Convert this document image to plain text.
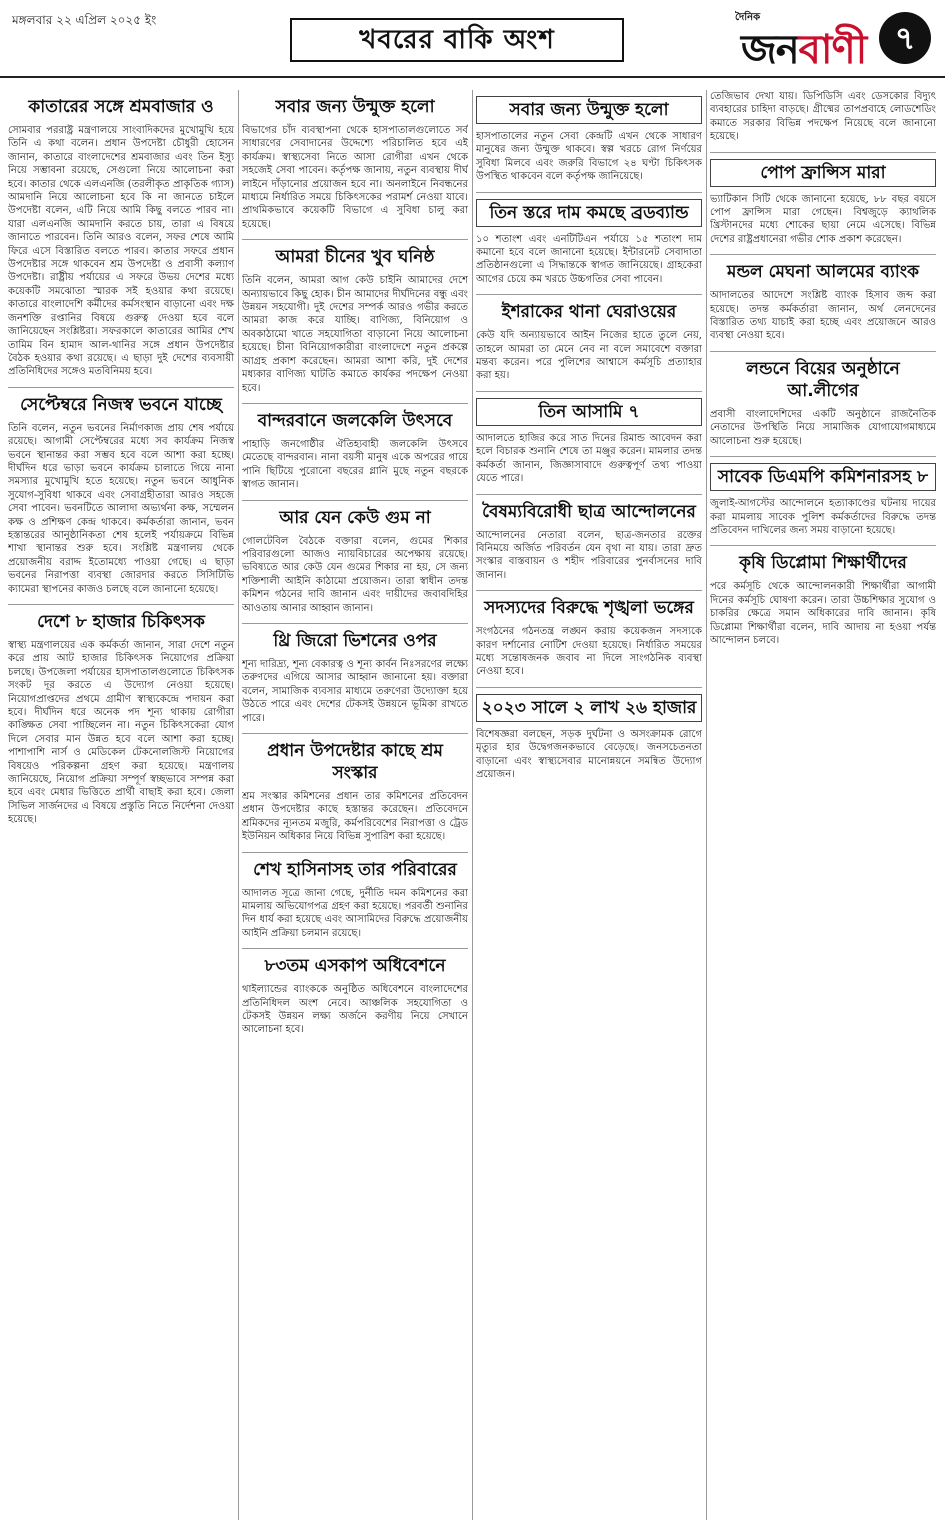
মঙ্গলবার ২২ এপ্রিল ২০২৫ ইং
খবরের বাকি অংশ
দৈনিক
জনবাণী ৭
কাতারের সঙ্গে শ্রমবাজার ও
সোমবার পররাষ্ট্র মন্ত্রণালয়ে সাংবাদিকদের মুখোমুখি হয়ে তিনি এ কথা বলেন। প্রধান উপদেষ্টা চৌধুরী হোসেন জানান, কাতারে বাংলাদেশের শ্রমবাজার এবং তিন ইস্যু নিয়ে সম্ভাবনা রয়েছে, সেগুলো নিয়ে আলোচনা করা হবে। কাতার থেকে এলএনজি (তরলীকৃত প্রাকৃতিক গ্যাস) আমদানি নিয়ে আলোচনা হবে কি না জানতে চাইলে উপদেষ্টা বলেন, এটি নিয়ে আমি কিছু বলতে পারব না। যারা এলএনজি আমদানি করতে চায়, তারা এ বিষয়ে জানাতে পারবেন। তিনি আরও বলেন, সফর শেষে আমি ফিরে এসে বিস্তারিত বলতে পারব। কাতার সফরে প্রধান উপদেষ্টার সঙ্গে থাকবেন শ্রম উপদেষ্টা ও প্রবাসী কল্যাণ উপদেষ্টা। রাষ্ট্রীয় পর্যায়ের এ সফরে উভয় দেশের মধ্যে কয়েকটি সমঝোতা স্মারক সই হওয়ার কথা রয়েছে। কাতারে বাংলাদেশি কর্মীদের কর্মসংস্থান বাড়ানো এবং দক্ষ জনশক্তি রপ্তানির বিষয়ে গুরুত্ব দেওয়া হবে বলে জানিয়েছেন সংশ্লিষ্টরা। সফরকালে কাতারের আমির শেখ তামিম বিন হামাদ আল-থানির সঙ্গে প্রধান উপদেষ্টার বৈঠক হওয়ার কথা রয়েছে। এ ছাড়া দুই দেশের ব্যবসায়ী প্রতিনিধিদের সঙ্গেও মতবিনিময় হবে।
সেপ্টেম্বরে নিজস্ব ভবনে যাচ্ছে
তিনি বলেন, নতুন ভবনের নির্মাণকাজ প্রায় শেষ পর্যায়ে রয়েছে। আগামী সেপ্টেম্বরের মধ্যে সব কার্যক্রম নিজস্ব ভবনে স্থানান্তর করা সম্ভব হবে বলে আশা করা হচ্ছে। দীর্ঘদিন ধরে ভাড়া ভবনে কার্যক্রম চালাতে গিয়ে নানা সমস্যার মুখোমুখি হতে হয়েছে। নতুন ভবনে আধুনিক সুযোগ-সুবিধা থাকবে এবং সেবাগ্রহীতারা আরও সহজে সেবা পাবেন। ভবনটিতে আলাদা অভ্যর্থনা কক্ষ, সম্মেলন কক্ষ ও প্রশিক্ষণ কেন্দ্র থাকবে। কর্মকর্তারা জানান, ভবন হস্তান্তরের আনুষ্ঠানিকতা শেষ হলেই পর্যায়ক্রমে বিভিন্ন শাখা স্থানান্তর শুরু হবে। সংশ্লিষ্ট মন্ত্রণালয় থেকে প্রয়োজনীয় বরাদ্দ ইতোমধ্যে পাওয়া গেছে। এ ছাড়া ভবনের নিরাপত্তা ব্যবস্থা জোরদার করতে সিসিটিভি ক্যামেরা স্থাপনের কাজও চলছে বলে জানানো হয়েছে।
দেশে ৮ হাজার চিকিৎসক
স্বাস্থ্য মন্ত্রণালয়ের এক কর্মকর্তা জানান, সারা দেশে নতুন করে প্রায় আট হাজার চিকিৎসক নিয়োগের প্রক্রিয়া চলছে। উপজেলা পর্যায়ের হাসপাতালগুলোতে চিকিৎসক সংকট দূর করতে এ উদ্যোগ নেওয়া হয়েছে। নিয়োগপ্রাপ্তদের প্রথমে গ্রামীণ স্বাস্থ্যকেন্দ্রে পদায়ন করা হবে। দীর্ঘদিন ধরে অনেক পদ শূন্য থাকায় রোগীরা কাঙ্ক্ষিত সেবা পাচ্ছিলেন না। নতুন চিকিৎসকেরা যোগ দিলে সেবার মান উন্নত হবে বলে আশা করা হচ্ছে। পাশাপাশি নার্স ও মেডিকেল টেকনোলজিস্ট নিয়োগের বিষয়েও পরিকল্পনা গ্রহণ করা হয়েছে। মন্ত্রণালয় জানিয়েছে, নিয়োগ প্রক্রিয়া সম্পূর্ণ স্বচ্ছভাবে সম্পন্ন করা হবে এবং মেধার ভিত্তিতে প্রার্থী বাছাই করা হবে। জেলা সিভিল সার্জনদের এ বিষয়ে প্রস্তুতি নিতে নির্দেশনা দেওয়া হয়েছে।
সবার জন্য উন্মুক্ত হলো
বিভাগের চাঁদ ব্যবস্থাপনা থেকে হাসপাতালগুলোতে সর্ব সাধারণের সেবাদানের উদ্দেশ্যে পরিচালিত হবে এই কার্যক্রম। স্বাস্থ্যসেবা নিতে আসা রোগীরা এখন থেকে সহজেই সেবা পাবেন। কর্তৃপক্ষ জানায়, নতুন ব্যবস্থায় দীর্ঘ লাইনে দাঁড়ানোর প্রয়োজন হবে না। অনলাইনে নিবন্ধনের মাধ্যমে নির্ধারিত সময়ে চিকিৎসকের পরামর্শ নেওয়া যাবে। প্রাথমিকভাবে কয়েকটি বিভাগে এ সুবিধা চালু করা হয়েছে।
আমরা চীনের খুব ঘনিষ্ঠ
তিনি বলেন, আমরা আগ কেউ চাইনি আমাদের দেশে অন্যায়ভাবে কিছু হোক। চীন আমাদের দীর্ঘদিনের বন্ধু এবং উন্নয়ন সহযোগী। দুই দেশের সম্পর্ক আরও গভীর করতে আমরা কাজ করে যাচ্ছি। বাণিজ্য, বিনিয়োগ ও অবকাঠামো খাতে সহযোগিতা বাড়ানো নিয়ে আলোচনা হয়েছে। চীনা বিনিয়োগকারীরা বাংলাদেশে নতুন প্রকল্পে আগ্রহ প্রকাশ করেছেন। আমরা আশা করি, দুই দেশের মধ্যকার বাণিজ্য ঘাটতি কমাতে কার্যকর পদক্ষেপ নেওয়া হবে।
বান্দরবানে জলকেলি উৎসবে
পাহাড়ি জনগোষ্ঠীর ঐতিহ্যবাহী জলকেলি উৎসবে মেতেছে বান্দরবান। নানা বয়সী মানুষ একে অপরের গায়ে পানি ছিটিয়ে পুরোনো বছরের গ্লানি মুছে নতুন বছরকে স্বাগত জানান।
আর যেন কেউ গুম না
গোলটেবিল বৈঠকে বক্তারা বলেন, গুমের শিকার পরিবারগুলো আজও ন্যায়বিচারের অপেক্ষায় রয়েছে। ভবিষ্যতে আর কেউ যেন গুমের শিকার না হয়, সে জন্য শক্তিশালী আইনি কাঠামো প্রয়োজন। তারা স্বাধীন তদন্ত কমিশন গঠনের দাবি জানান এবং দায়ীদের জবাবদিহির আওতায় আনার আহ্বান জানান।
থ্রি জিরো ভিশনের ওপর
শূন্য দারিদ্র্য, শূন্য বেকারত্ব ও শূন্য কার্বন নিঃসরণের লক্ষ্যে তরুণদের এগিয়ে আসার আহ্বান জানানো হয়। বক্তারা বলেন, সামাজিক ব্যবসার মাধ্যমে তরুণেরা উদ্যোক্তা হয়ে উঠতে পারে এবং দেশের টেকসই উন্নয়নে ভূমিকা রাখতে পারে।
প্রধান উপদেষ্টার কাছে শ্রম সংস্কার
শ্রম সংস্কার কমিশনের প্রধান তার কমিশনের প্রতিবেদন প্রধান উপদেষ্টার কাছে হস্তান্তর করেছেন। প্রতিবেদনে শ্রমিকদের ন্যূনতম মজুরি, কর্মপরিবেশের নিরাপত্তা ও ট্রেড ইউনিয়ন অধিকার নিয়ে বিভিন্ন সুপারিশ করা হয়েছে।
শেখ হাসিনাসহ তার পরিবারের
আদালত সূত্রে জানা গেছে, দুর্নীতি দমন কমিশনের করা মামলায় অভিযোগপত্র গ্রহণ করা হয়েছে। পরবর্তী শুনানির দিন ধার্য করা হয়েছে এবং আসামিদের বিরুদ্ধে প্রয়োজনীয় আইনি প্রক্রিয়া চলমান রয়েছে।
৮৩তম এসকাপ অধিবেশনে
থাইল্যান্ডের ব্যাংককে অনুষ্ঠিত অধিবেশনে বাংলাদেশের প্রতিনিধিদল অংশ নেবে। আঞ্চলিক সহযোগিতা ও টেকসই উন্নয়ন লক্ষ্য অর্জনে করণীয় নিয়ে সেখানে আলোচনা হবে।
সবার জন্য উন্মুক্ত হলো
হাসপাতালের নতুন সেবা কেন্দ্রটি এখন থেকে সাধারণ মানুষের জন্য উন্মুক্ত থাকবে। স্বল্প খরচে রোগ নির্ণয়ের সুবিধা মিলবে এবং জরুরি বিভাগে ২৪ ঘণ্টা চিকিৎসক উপস্থিত থাকবেন বলে কর্তৃপক্ষ জানিয়েছে।
তিন স্তরে দাম কমছে ব্রডব্যান্ড
১০ শতাংশ এবং এনটিটিএন পর্যায়ে ১৫ শতাংশ দাম কমানো হবে বলে জানানো হয়েছে। ইন্টারনেট সেবাদাতা প্রতিষ্ঠানগুলো এ সিদ্ধান্তকে স্বাগত জানিয়েছে। গ্রাহকেরা আগের চেয়ে কম খরচে উচ্চগতির সেবা পাবেন।
ইশরাকের থানা ঘেরাওয়ের
কেউ যদি অন্যায়ভাবে আইন নিজের হাতে তুলে নেয়, তাহলে আমরা তা মেনে নেব না বলে সমাবেশে বক্তারা মন্তব্য করেন। পরে পুলিশের আশ্বাসে কর্মসূচি প্রত্যাহার করা হয়।
তিন আসামি ৭
আদালতে হাজির করে সাত দিনের রিমান্ড আবেদন করা হলে বিচারক শুনানি শেষে তা মঞ্জুর করেন। মামলার তদন্ত কর্মকর্তা জানান, জিজ্ঞাসাবাদে গুরুত্বপূর্ণ তথ্য পাওয়া যেতে পারে।
বৈষম্যবিরোধী ছাত্র আন্দোলনের
আন্দোলনের নেতারা বলেন, ছাত্র-জনতার রক্তের বিনিময়ে অর্জিত পরিবর্তন যেন বৃথা না যায়। তারা দ্রুত সংস্কার বাস্তবায়ন ও শহীদ পরিবারের পুনর্বাসনের দাবি জানান।
সদস্যদের বিরুদ্ধে শৃঙ্খলা ভঙ্গের
সংগঠনের গঠনতন্ত্র লঙ্ঘন করায় কয়েকজন সদস্যকে কারণ দর্শানোর নোটিশ দেওয়া হয়েছে। নির্ধারিত সময়ের মধ্যে সন্তোষজনক জবাব না দিলে সাংগঠনিক ব্যবস্থা নেওয়া হবে।
২০২৩ সালে ২ লাখ ২৬ হাজার
বিশেষজ্ঞরা বলছেন, সড়ক দুর্ঘটনা ও অসংক্রামক রোগে মৃত্যুর হার উদ্বেগজনকভাবে বেড়েছে। জনসচেতনতা বাড়ানো এবং স্বাস্থ্যসেবার মানোন্নয়নে সমন্বিত উদ্যোগ প্রয়োজন।
তেজিভাব দেখা যায়। ডিপিডিসি এবং ডেসকোর বিদ্যুৎ ব্যবহারের চাহিদা বাড়ছে। গ্রীষ্মের তাপপ্রবাহে লোডশেডিং কমাতে সরকার বিভিন্ন পদক্ষেপ নিয়েছে বলে জানানো হয়েছে।
পোপ ফ্রান্সিস মারা
ভ্যাটিকান সিটি থেকে জানানো হয়েছে, ৮৮ বছর বয়সে পোপ ফ্রান্সিস মারা গেছেন। বিশ্বজুড়ে ক্যাথলিক খ্রিস্টানদের মধ্যে শোকের ছায়া নেমে এসেছে। বিভিন্ন দেশের রাষ্ট্রপ্রধানেরা গভীর শোক প্রকাশ করেছেন।
মন্ডল মেঘনা আলমের ব্যাংক
আদালতের আদেশে সংশ্লিষ্ট ব্যাংক হিসাব জব্দ করা হয়েছে। তদন্ত কর্মকর্তারা জানান, অর্থ লেনদেনের বিস্তারিত তথ্য যাচাই করা হচ্ছে এবং প্রয়োজনে আরও ব্যবস্থা নেওয়া হবে।
লন্ডনে বিয়ের অনুষ্ঠানে আ.লীগের
প্রবাসী বাংলাদেশিদের একটি অনুষ্ঠানে রাজনৈতিক নেতাদের উপস্থিতি নিয়ে সামাজিক যোগাযোগমাধ্যমে আলোচনা শুরু হয়েছে।
সাবেক ডিএমপি কমিশনারসহ ৮
জুলাই-আগস্টের আন্দোলনে হত্যাকাণ্ডের ঘটনায় দায়ের করা মামলায় সাবেক পুলিশ কর্মকর্তাদের বিরুদ্ধে তদন্ত প্রতিবেদন দাখিলের জন্য সময় বাড়ানো হয়েছে।
কৃষি ডিপ্লোমা শিক্ষার্থীদের
পরে কর্মসূচি থেকে আন্দোলনকারী শিক্ষার্থীরা আগামী দিনের কর্মসূচি ঘোষণা করেন। তারা উচ্চশিক্ষার সুযোগ ও চাকরির ক্ষেত্রে সমান অধিকারের দাবি জানান। কৃষি ডিপ্লোমা শিক্ষার্থীরা বলেন, দাবি আদায় না হওয়া পর্যন্ত আন্দোলন চলবে।
